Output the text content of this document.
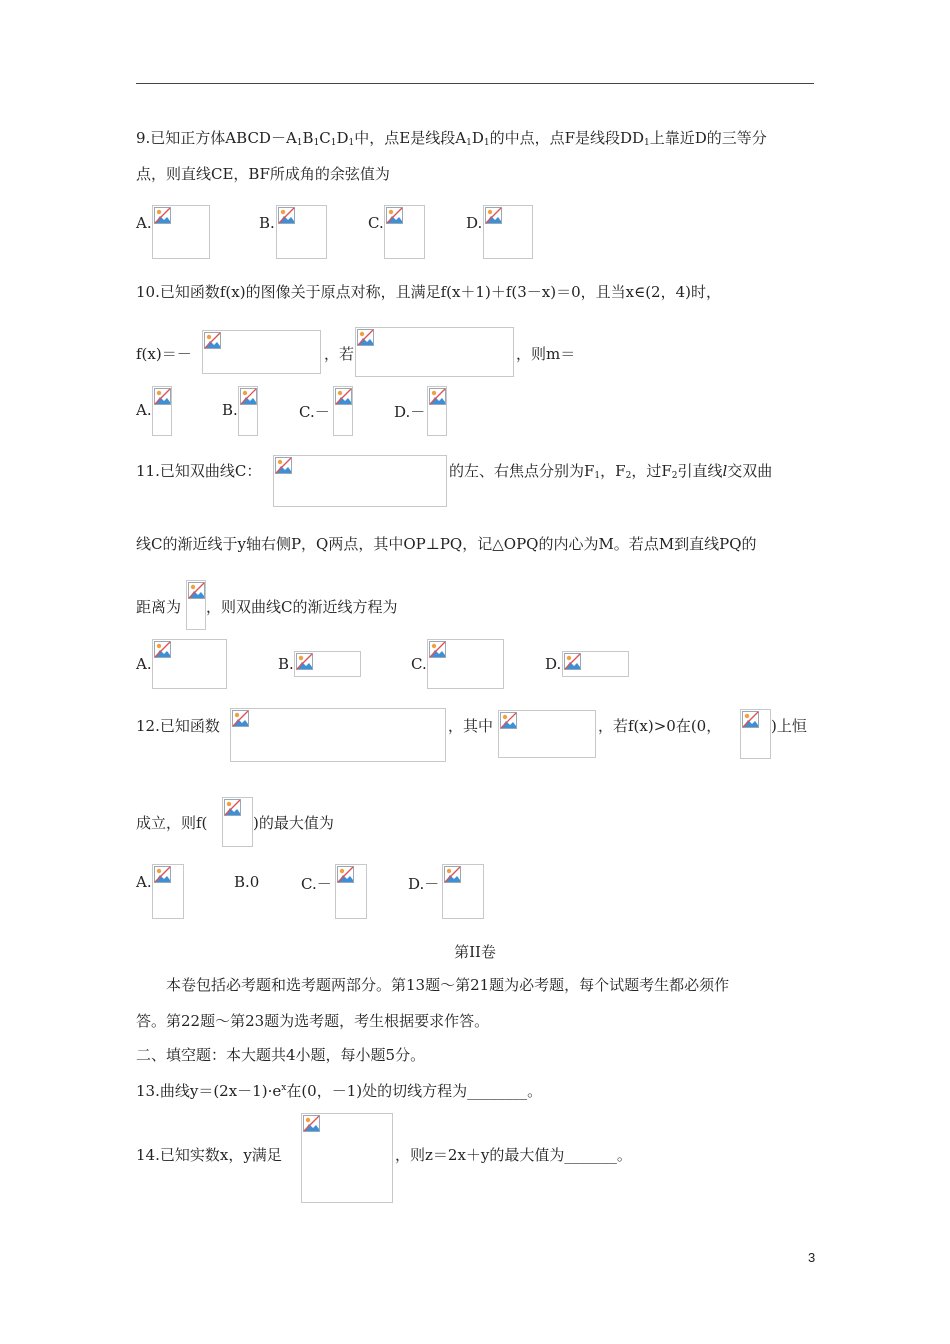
9.已知正方体$ABCD-A_1B_1C_1D_1$中，点E是线段$A_1D_1$的中点，点F是线段$DD_1$上靠近D的三等分
点，则直线CE，BF所成角的余弦值为
A.	B.	C.	D.
10.已知函数f(x)的图像关于原点对称，且满足f(x＋1)＋f(3－x)＝0，且当x∈(2，4)时，
f(x)＝－	，若	，则m＝
A.	B.	C.－	D.－
11.已知双曲线C：	的左、右焦点分别为$F_1$，$F_2$，过$F_2$引直线l交双曲
线C的渐近线于y轴右侧P，Q两点，其中OP⊥PQ，记△OPQ的内心为M。若点M到直线PQ的
距离为 ，则双曲线C的渐近线方程为
A.	B.	C.	D.
12.已知函数	，其中	，若f(x)>0在(0，	)上恒
成立，则f(	)的最大值为
A.	B.0	C.－	D.－
第II卷
本卷包括必考题和选考题两部分。第13题～第21题为必考题，每个试题考生都必须作
答。第22题～第23题为选考题，考生根据要求作答。
二、填空题：本大题共4小题，每小题5分。
13.曲线$y=(2x-1)\cdot e^x$在(0，－1)处的切线方程为________。
14.已知实数x，y满足	，则z＝2x＋y的最大值为_______。
3
